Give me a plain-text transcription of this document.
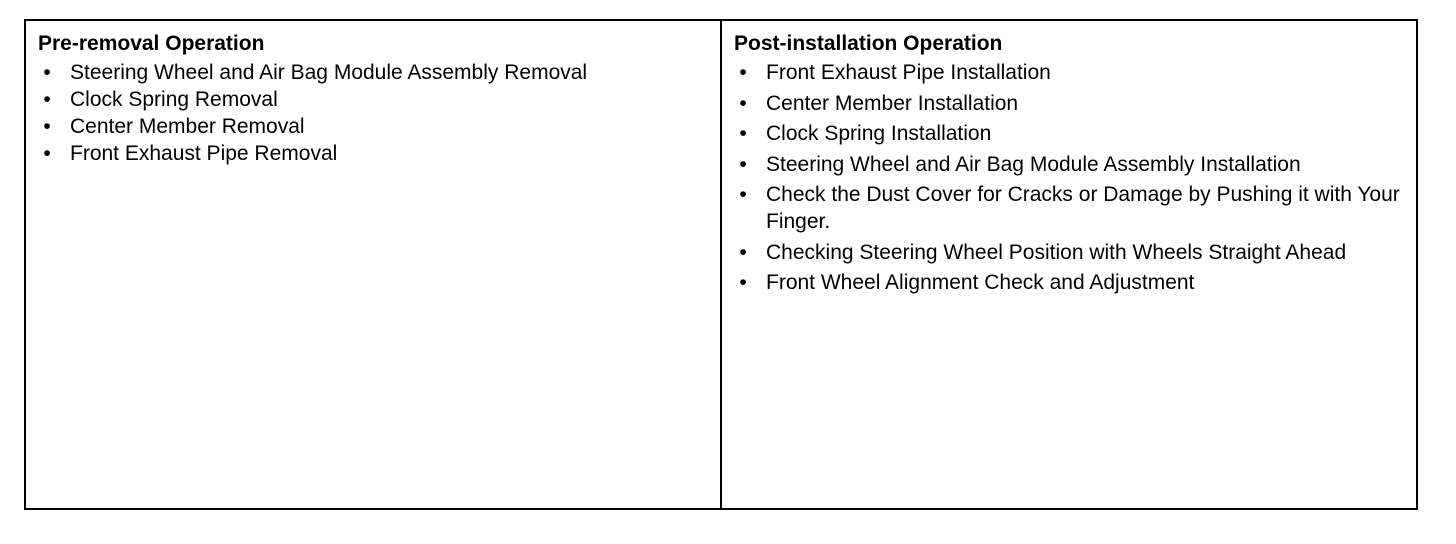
Pre-removal Operation
• Steering Wheel and Air Bag Module Assembly Removal
• Clock Spring Removal
• Center Member Removal
• Front Exhaust Pipe Removal
Post-installation Operation
• Front Exhaust Pipe Installation
• Center Member Installation
• Clock Spring Installation
• Steering Wheel and Air Bag Module Assembly Installation
• Check the Dust Cover for Cracks or Damage by Pushing it with Your Finger.
• Checking Steering Wheel Position with Wheels Straight Ahead
• Front Wheel Alignment Check and Adjustment
